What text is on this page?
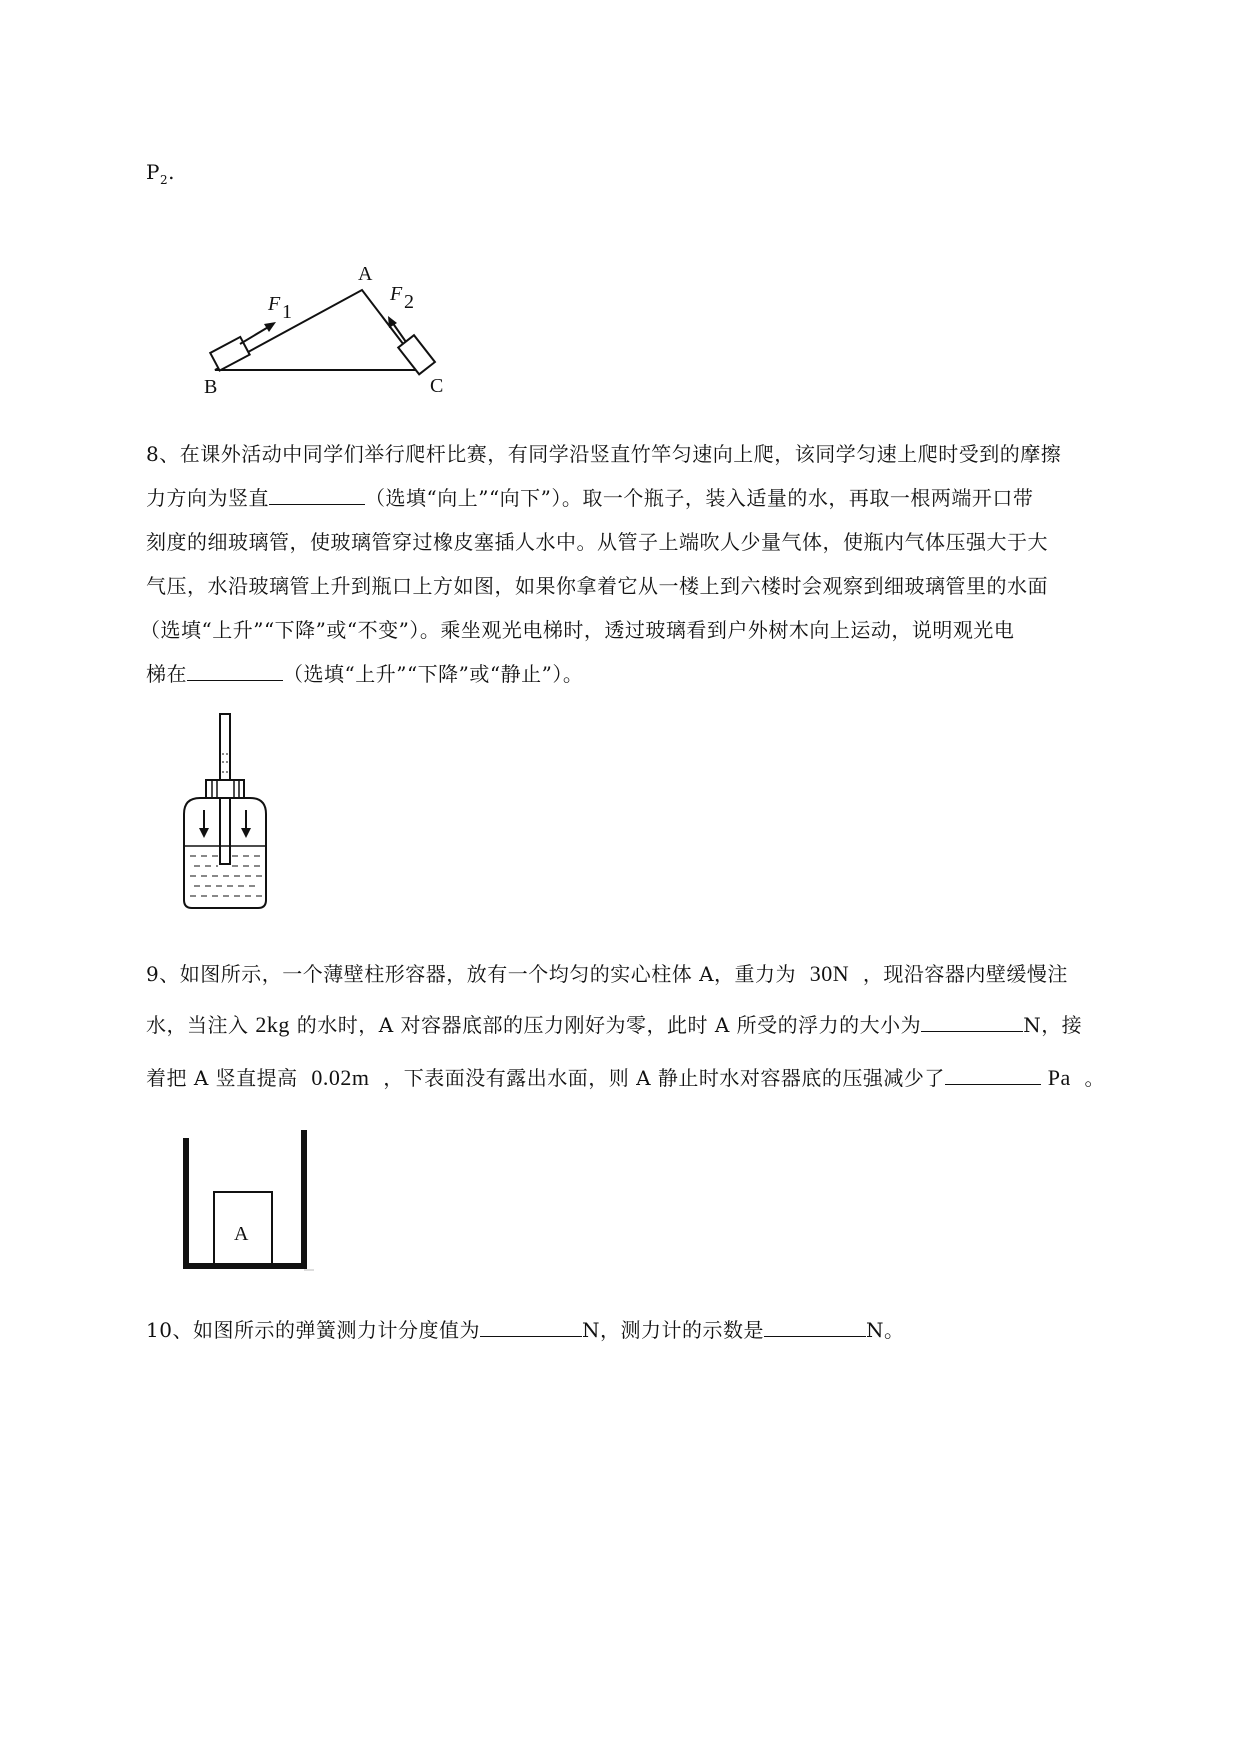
$P_2$.
A
B	C
F 1
F 2
8、在课外活动中同学们举行爬杆比赛，有同学沿竖直竹竿匀速向上爬，该同学匀速上爬时受到的摩擦
力方向为竖直	（选填“向上”“向下”）。取一个瓶子，装入适量的水，再取一根两端开口带
刻度的细玻璃管，使玻璃管穿过橡皮塞插人水中。从管子上端吹人少量气体，使瓶内气体压强大于大
气压，水沿玻璃管上升到瓶口上方如图，如果你拿着它从一楼上到六楼时会观察到细玻璃管里的水面
（选填“上升”“下降”或“不变”）。乘坐观光电梯时，透过玻璃看到户外树木向上运动，说明观光电
梯在	（选填“上升”“下降”或“静止”）。
9、如图所示，一个薄壁柱形容器，放有一个均匀的实心柱体 A，重力为 30N ，现沿容器内壁缓慢注
水，当注入 2kg 的水时，A 对容器底部的压力刚好为零，此时 A 所受的浮力的大小为	N，接
着把 A 竖直提高 0.02m ，下表面没有露出水面，则 A 静止时水对容器底的压强减少了	Pa 。
A
10、如图所示的弹簧测力计分度值为	N，测力计的示数是	N。
